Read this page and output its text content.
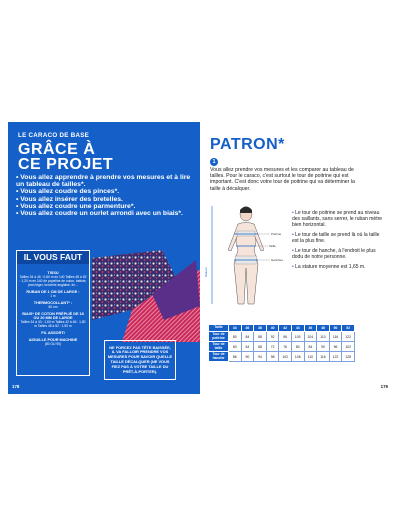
LE CARACO DE BASE
GRÂCE À
CE PROJET
• Vous allez apprendre à prendre vos mesures et à lire un tableau de tailles*.
• Vous allez coudre des pinces*.
• Vous allez insérer des bretelles.
• Vous allez coudre une parmenture*.
• Vous allez coudre un ourlet arrondi avec un biais*.
IL VOUS FAUT
TISSU
Tailles 34 à 46 : 0,80 m en 140 Tailles 48 à 52 : 1,20 m en 140 de popeline de coton, batiste, jean léger, broderie anglaise, lin...
RUBAN DE 1 CM DE LARGE :
1 m
THERMOCOLLANT* :
60 cm
BIAIS* DE COTON PRÉPLIÉ DE 18 OU 20 MM DE LARGE
Tailles 34 à 40 : 1,60 m Tailles 42 à 46 : 1,80 m Tailles 48 à 52 : 1,90 m
FIL ASSORTI
AIGUILLE POUR MACHINE
(80 OU 90)
NE FORCEZ PAS TÊTE BAISSÉE, IL VA FALLOIR PRENDRE VOS MESURES POUR SAVOIR QUELLE TAILLE DÉCALQUER (NE VOUS FIEZ PAS À VOTRE TAILLE DU PRÊT-À-PORTER).
178
PATRON*
1
Vous allez prendre vos mesures et les comparer au tableau de tailles. Pour le caraco, c'est surtout le tour de poitrine qui est important. C'est donc votre tour de poitrine qui va déterminer la taille à décalquer.
Poitrine
Taille
Hanches
Stature
• Le tour de poitrine se prend au niveau des saillants, sans serrer, le ruban mètre bien horizontal.
• Le tour de taille se prend là où la taille est la plus fine.
• Le tour de hanche, à l'endroit le plus dodu de notre personne.
• La stature moyenne est 1,65 m.
Taille	34	36	38	40	42	44	46	48	50	52
Tour de poitrine	80	84	88	92	96	100	104	110	116	122
Tour de taille	60	64	68	72	76	80	84	90	96	102
Tour de hanche	86	90	94	98	102	106	110	116	122	128
179
